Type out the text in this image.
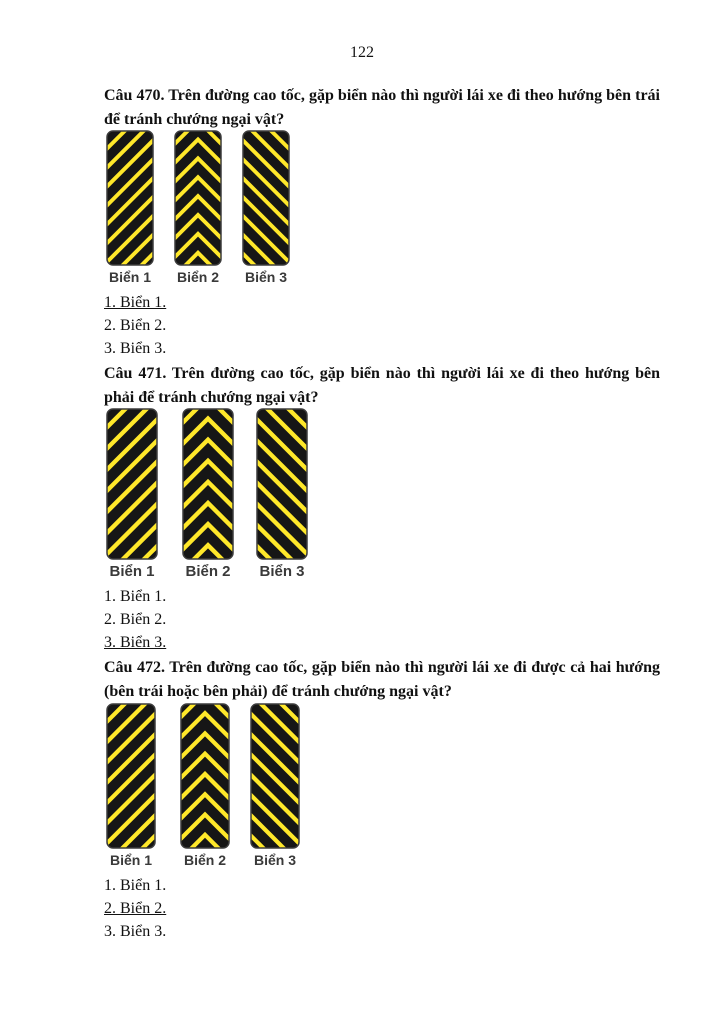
122
Câu 470. Trên đường cao tốc, gặp biển nào thì người lái xe đi theo hướng bên trái để tránh chướng ngại vật?
Biển 1	Biển 2	Biển 3
1. Biển 1.
2. Biển 2.
3. Biển 3.
Câu 471. Trên đường cao tốc, gặp biển nào thì người lái xe đi theo hướng bên phải để tránh chướng ngại vật?
Biển 1	Biển 2	Biển 3
1. Biển 1.
2. Biển 2.
3. Biển 3.
Câu 472. Trên đường cao tốc, gặp biển nào thì người lái xe đi được cả hai hướng (bên trái hoặc bên phải) để tránh chướng ngại vật?
Biển 1	Biển 2	Biển 3
1. Biển 1.
2. Biển 2.
3. Biển 3.
